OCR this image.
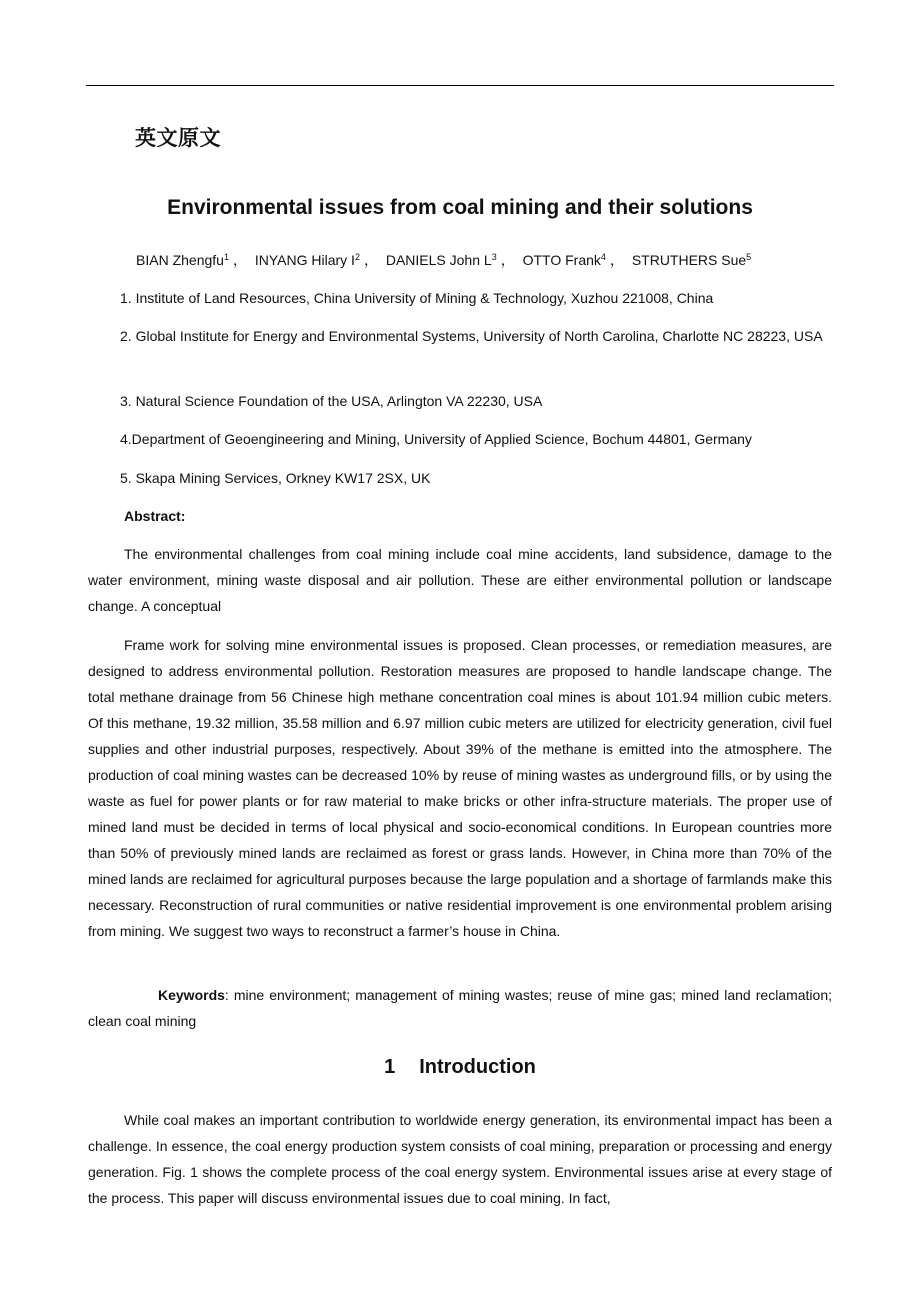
英文原文
Environmental issues from coal mining and their solutions

BIAN Zhengfu$^1$ ， INYANG Hilary $I^2$ ， DANIELS John $L^3$ ， OTTO Frank$^4$ ， STRUTHERS Sue$^5$

1. Institute of Land Resources, China University of Mining & Technology, Xuzhou 221008, China

2. Global Institute for Energy and Environmental Systems, University of North Carolina, Charlotte NC 28223, USA

3. Natural Science Foundation of the USA, Arlington VA 22230, USA

4.Department of Geoengineering and Mining, University of Applied Science, Bochum 44801, Germany

5. Skapa Mining Services, Orkney KW17 2SX, UK

Abstract:

The environmental challenges from coal mining include coal mine accidents, land subsidence, damage to the water environment, mining waste disposal and air pollution. These are either environmental pollution or landscape change. A conceptual

Frame work for solving mine environmental issues is proposed. Clean processes, or remediation measures, are designed to address environmental pollution. Restoration measures are proposed to handle landscape change. The total methane drainage from 56 Chinese high methane concentration coal mines is about 101.94 million cubic meters. Of this methane, 19.32 million, 35.58 million and 6.97 million cubic meters are utilized for electricity generation, civil fuel supplies and other industrial purposes, respectively. About 39% of the methane is emitted into the atmosphere. The production of coal mining wastes can be decreased 10% by reuse of mining wastes as underground fills, or by using the waste as fuel for power plants or for raw material to make bricks or other infra-structure materials. The proper use of mined land must be decided in terms of local physical and socio-economical conditions. In European countries more than 50% of previously mined lands are reclaimed as forest or grass lands. However, in China more than 70% of the mined lands are reclaimed for agricultural purposes because the large population and a shortage of farmlands make this necessary. Reconstruction of rural communities or native residential improvement is one environmental problem arising from mining. We suggest two ways to reconstruct a farmer’s house in China.

Keywords: mine environment; management of mining wastes; reuse of mine gas; mined land reclamation; clean coal mining

1 Introduction

While coal makes an important contribution to worldwide energy generation, its environmental impact has been a challenge. In essence, the coal energy production system consists of coal mining, preparation or processing and energy generation. Fig. 1 shows the complete process of the coal energy system. Environmental issues arise at every stage of the process. This paper will discuss environmental issues due to coal mining. In fact,
